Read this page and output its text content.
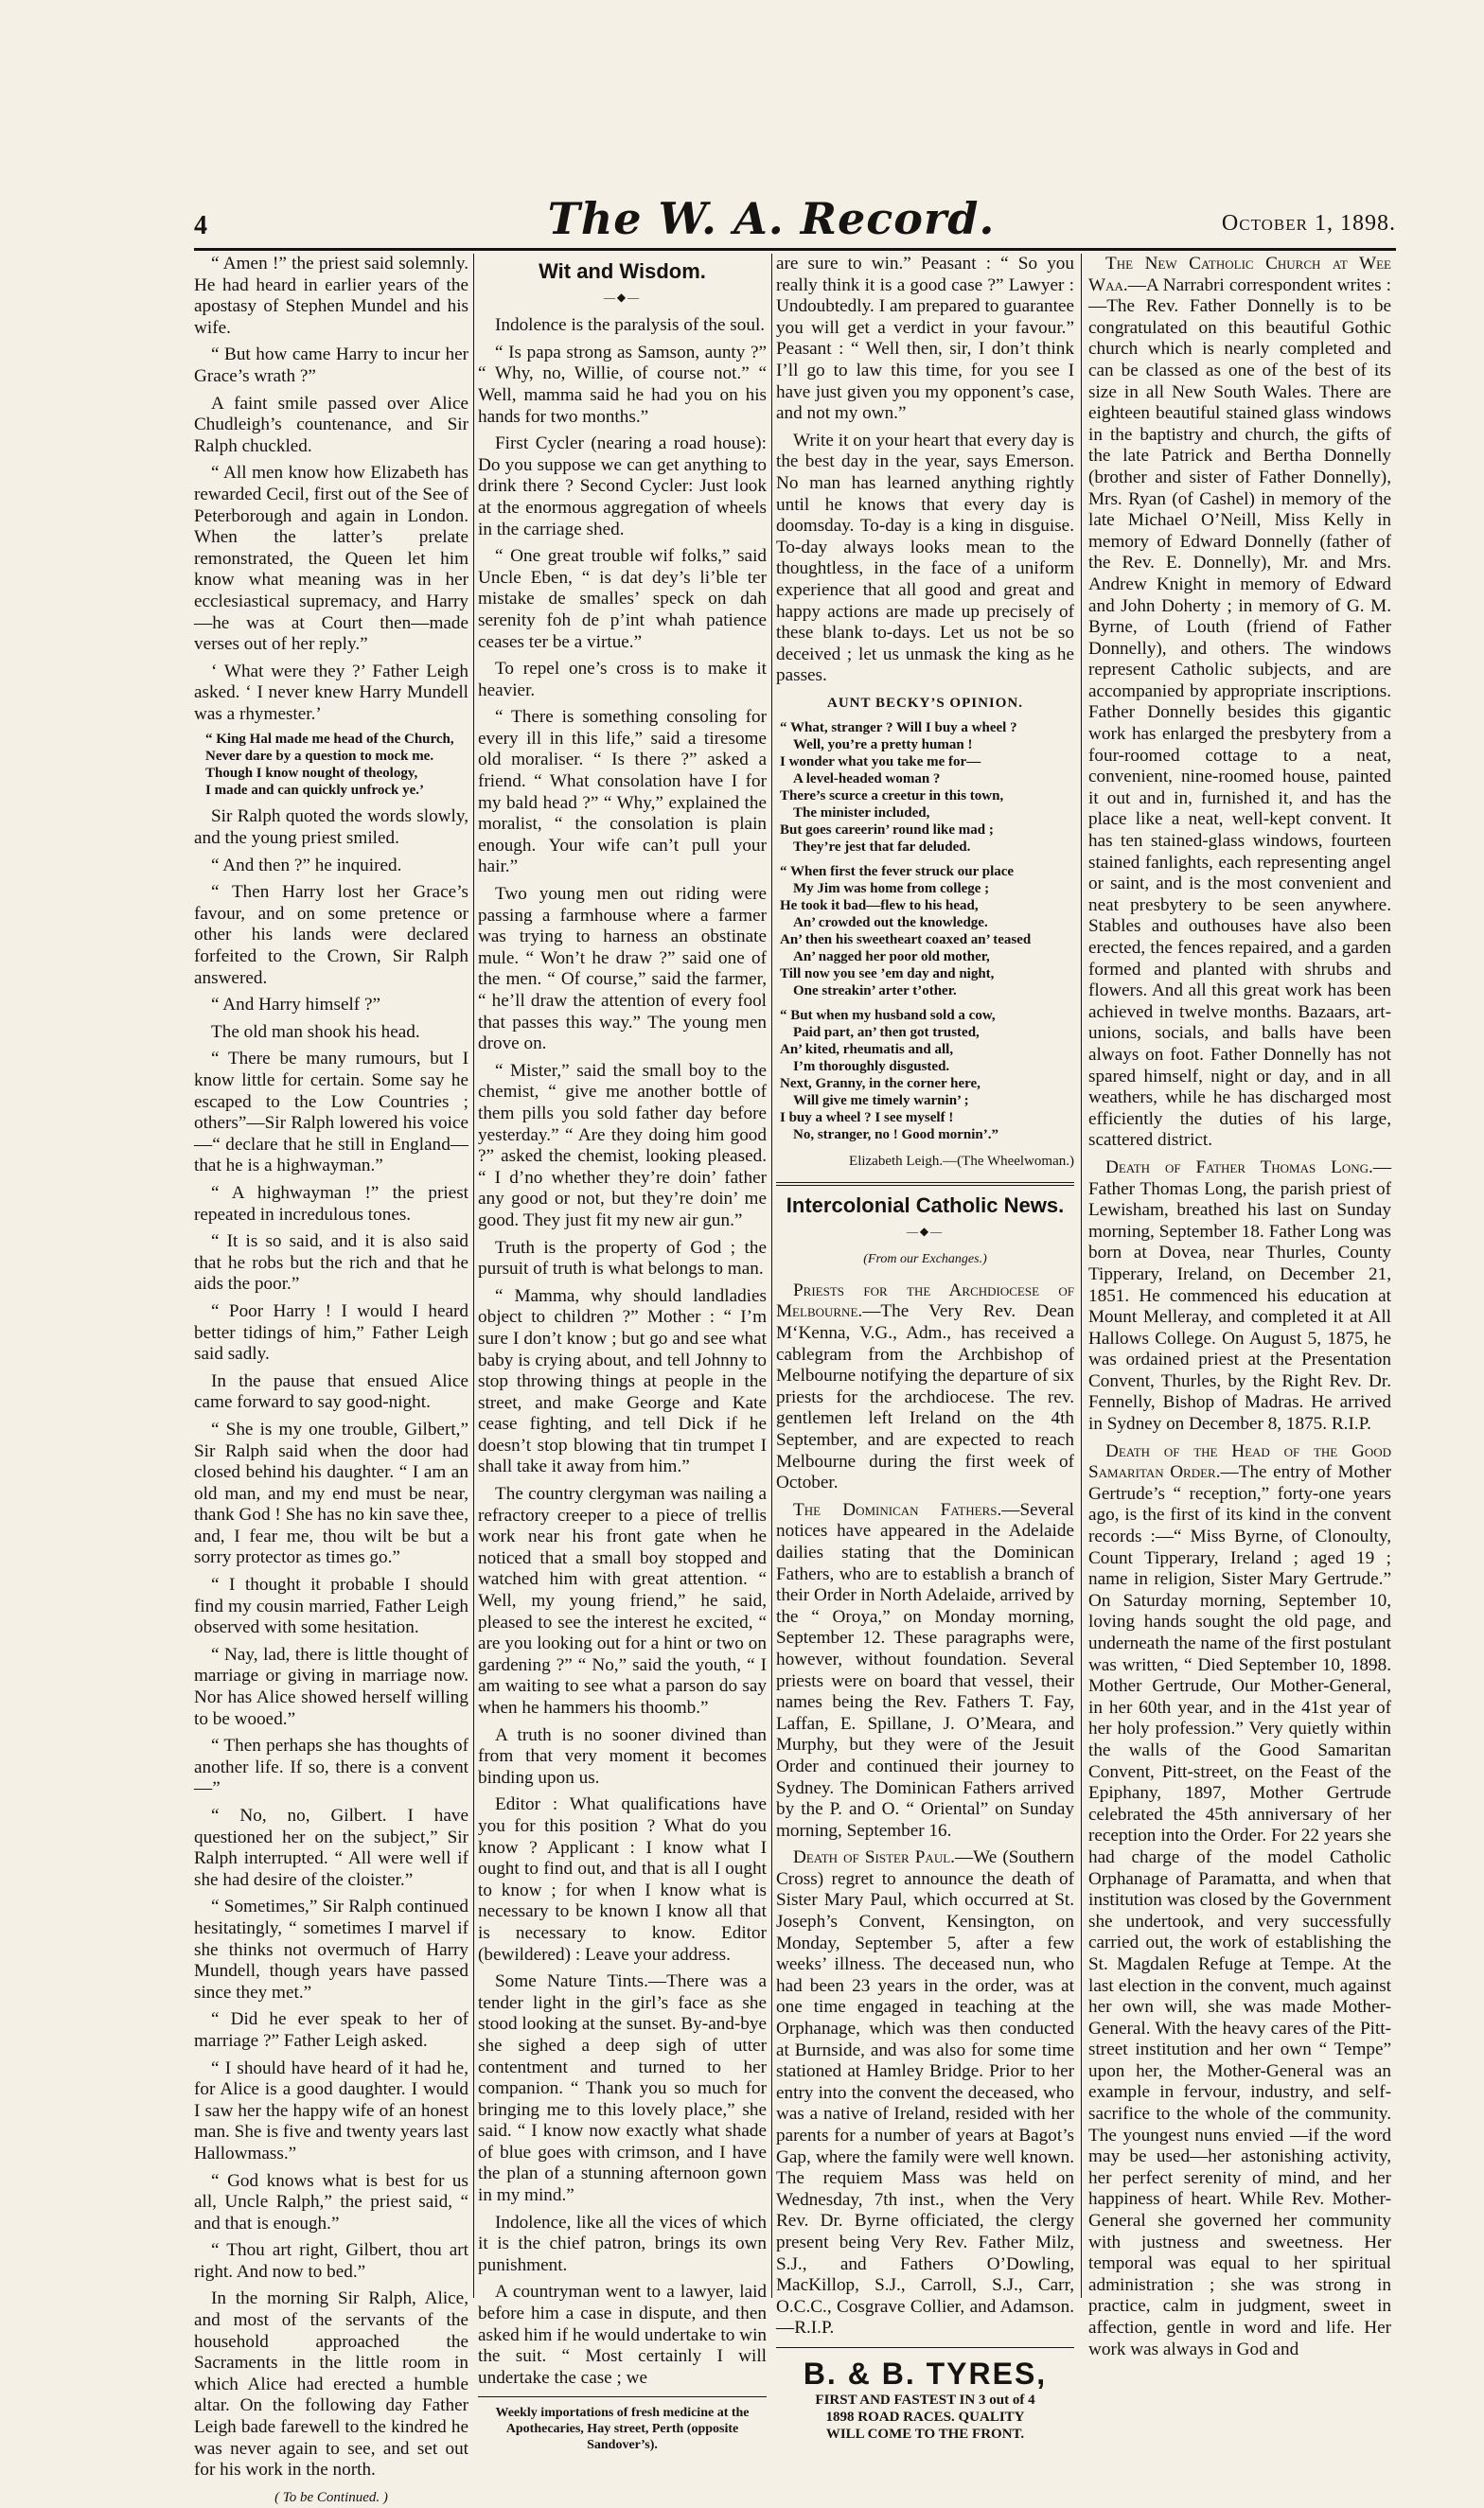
4	The W. A. Record.	October 1, 1898.

“ Amen !” the priest said solemnly. He had heard in earlier years of the apostasy of Stephen Mundel and his wife.

“ But how came Harry to incur her Grace’s wrath ?”

A faint smile passed over Alice Chudleigh’s countenance, and Sir Ralph chuckled.

“ All men know how Elizabeth has rewarded Cecil, first out of the See of Peterborough and again in London. When the latter’s prelate remonstrated, the Queen let him know what meaning was in her ecclesiastical supremacy, and Harry—he was at Court then—made verses out of her reply.”

‘ What were they ?’ Father Leigh asked. ‘ I never knew Harry Mundell was a rhymester.’

“ King Hal made me head of the Church,
Never dare by a question to mock me.
Though I know nought of theology,
I made and can quickly unfrock ye.’

Sir Ralph quoted the words slowly, and the young priest smiled.

“ And then ?” he inquired.

“ Then Harry lost her Grace’s favour, and on some pretence or other his lands were declared forfeited to the Crown, Sir Ralph answered.

“ And Harry himself ?”

The old man shook his head.

“ There be many rumours, but I know little for certain. Some say he escaped to the Low Countries ; others”—Sir Ralph lowered his voice—“ declare that he still in England—that he is a highwayman.”

“ A highwayman !” the priest repeated in incredulous tones.

“ It is so said, and it is also said that he robs but the rich and that he aids the poor.”

“ Poor Harry ! I would I heard better tidings of him,” Father Leigh said sadly.

In the pause that ensued Alice came forward to say good-night.

“ She is my one trouble, Gilbert,” Sir Ralph said when the door had closed behind his daughter. “ I am an old man, and my end must be near, thank God ! She has no kin save thee, and, I fear me, thou wilt be but a sorry protector as times go.”

“ I thought it probable I should find my cousin married, Father Leigh observed with some hesitation.

“ Nay, lad, there is little thought of marriage or giving in marriage now. Nor has Alice showed herself willing to be wooed.”

“ Then perhaps she has thoughts of another life. If so, there is a convent—”

“ No, no, Gilbert. I have questioned her on the subject,” Sir Ralph interrupted. “ All were well if she had desire of the cloister.”

“ Sometimes,” Sir Ralph continued hesitatingly, “ sometimes I marvel if she thinks not overmuch of Harry Mundell, though years have passed since they met.”

“ Did he ever speak to her of marriage ?” Father Leigh asked.

“ I should have heard of it had he, for Alice is a good daughter. I would I saw her the happy wife of an honest man. She is five and twenty years last Hallowmass.”

“ God knows what is best for us all, Uncle Ralph,” the priest said, “ and that is enough.”

“ Thou art right, Gilbert, thou art right. And now to bed.”

In the morning Sir Ralph, Alice, and most of the servants of the household approached the Sacraments in the little room in which Alice had erected a humble altar. On the following day Father Leigh bade farewell to the kindred he was never again to see, and set out for his work in the north.

( To be Continued. )
Wit and Wisdom.
—◆—

Indolence is the paralysis of the soul.

“ Is papa strong as Samson, aunty ?” “ Why, no, Willie, of course not.” “ Well, mamma said he had you on his hands for two months.”

First Cycler (nearing a road house): Do you suppose we can get anything to drink there ? Second Cycler: Just look at the enormous aggregation of wheels in the carriage shed.

“ One great trouble wif folks,” said Uncle Eben, “ is dat dey’s li’ble ter mistake de smalles’ speck on dah serenity foh de p’int whah patience ceases ter be a virtue.”

To repel one’s cross is to make it heavier.

“ There is something consoling for every ill in this life,” said a tiresome old moraliser. “ Is there ?” asked a friend. “ What consolation have I for my bald head ?” “ Why,” explained the moralist, “ the consolation is plain enough. Your wife can’t pull your hair.”

Two young men out riding were passing a farmhouse where a farmer was trying to harness an obstinate mule. “ Won’t he draw ?” said one of the men. “ Of course,” said the farmer, “ he’ll draw the attention of every fool that passes this way.” The young men drove on.

“ Mister,” said the small boy to the chemist, “ give me another bottle of them pills you sold father day before yesterday.” “ Are they doing him good ?” asked the chemist, looking pleased. “ I d’no whether they’re doin’ father any good or not, but they’re doin’ me good. They just fit my new air gun.”

Truth is the property of God ; the pursuit of truth is what belongs to man.

“ Mamma, why should landladies object to children ?” Mother : “ I’m sure I don’t know ; but go and see what baby is crying about, and tell Johnny to stop throwing things at people in the street, and make George and Kate cease fighting, and tell Dick if he doesn’t stop blowing that tin trumpet I shall take it away from him.”

The country clergyman was nailing a refractory creeper to a piece of trellis work near his front gate when he noticed that a small boy stopped and watched him with great attention. “ Well, my young friend,” he said, pleased to see the interest he excited, “ are you looking out for a hint or two on gardening ?” “ No,” said the youth, “ I am waiting to see what a parson do say when he hammers his thoomb.”

A truth is no sooner divined than from that very moment it becomes binding upon us.

Editor : What qualifications have you for this position ? What do you know ? Applicant : I know what I ought to find out, and that is all I ought to know ; for when I know what is necessary to be known I know all that is necessary to know. Editor (bewildered) : Leave your address.

Some Nature Tints.—There was a tender light in the girl’s face as she stood looking at the sunset. By-and-bye she sighed a deep sigh of utter contentment and turned to her companion. “ Thank you so much for bringing me to this lovely place,” she said. “ I know now exactly what shade of blue goes with crimson, and I have the plan of a stunning afternoon gown in my mind.”

Indolence, like all the vices of which it is the chief patron, brings its own punishment.

A countryman went to a lawyer, laid before him a case in dispute, and then asked him if he would undertake to win the suit. “ Most certainly I will undertake the case ; we

Weekly importations of fresh medicine at the Apothecaries, Hay street, Perth (opposite Sandover’s).

are sure to win.” Peasant : “ So you really think it is a good case ?” Lawyer : Undoubtedly. I am prepared to guarantee you will get a verdict in your favour.” Peasant : “ Well then, sir, I don’t think I’ll go to law this time, for you see I have just given you my opponent’s case, and not my own.”

Write it on your heart that every day is the best day in the year, says Emerson. No man has learned anything rightly until he knows that every day is doomsday. To-day is a king in disguise. To-day always looks mean to the thoughtless, in the face of a uniform experience that all good and great and happy actions are made up precisely of these blank to-days. Let us not be so deceived ; let us unmask the king as he passes.

AUNT BECKY’S OPINION.
“ What, stranger ? Will I buy a wheel ?
Well, you’re a pretty human !
I wonder what you take me for—
A level-headed woman ?
There’s scurce a creetur in this town,
The minister included,
But goes careerin’ round like mad ;
They’re jest that far deluded.
“ When first the fever struck our place
My Jim was home from college ;
He took it bad—flew to his head,
An’ crowded out the knowledge.
An’ then his sweetheart coaxed an’ teased
An’ nagged her poor old mother,
Till now you see ’em day and night,
One streakin’ arter t’other.
“ But when my husband sold a cow,
Paid part, an’ then got trusted,
An’ kited, rheumatis and all,
I’m thoroughly disgusted.
Next, Granny, in the corner here,
Will give me timely warnin’ ;
I buy a wheel ? I see myself !
No, stranger, no ! Good mornin’.”
Elizabeth Leigh.—(The Wheelwoman.)
Intercolonial Catholic News.
—◆—
(From our Exchanges.)

Priests for the Archdiocese of Melbourne.—The Very Rev. Dean M‘Kenna, V.G., Adm., has received a cablegram from the Archbishop of Melbourne notifying the departure of six priests for the archdiocese. The rev. gentlemen left Ireland on the 4th September, and are expected to reach Melbourne during the first week of October.

The Dominican Fathers.—Several notices have appeared in the Adelaide dailies stating that the Dominican Fathers, who are to establish a branch of their Order in North Adelaide, arrived by the “ Oroya,” on Monday morning, September 12. These paragraphs were, however, without foundation. Several priests were on board that vessel, their names being the Rev. Fathers T. Fay, Laffan, E. Spillane, J. O’Meara, and Murphy, but they were of the Jesuit Order and continued their journey to Sydney. The Dominican Fathers arrived by the P. and O. “ Oriental” on Sunday morning, September 16.

Death of Sister Paul.—We (Southern Cross) regret to announce the death of Sister Mary Paul, which occurred at St. Joseph’s Convent, Kensington, on Monday, September 5, after a few weeks’ illness. The deceased nun, who had been 23 years in the order, was at one time engaged in teaching at the Orphanage, which was then conducted at Burnside, and was also for some time stationed at Hamley Bridge. Prior to her entry into the convent the deceased, who was a native of Ireland, resided with her parents for a number of years at Bagot’s Gap, where the family were well known. The requiem Mass was held on Wednesday, 7th inst., when the Very Rev. Dr. Byrne officiated, the clergy present being Very Rev. Father Milz, S.J., and Fathers O’Dowling, MacKillop, S.J., Carroll, S.J., Carr, O.C.C., Cosgrave Collier, and Adamson.—R.I.P.

B. & B. TYRES,
FIRST AND FASTEST IN 3 out of 4
1898 ROAD RACES. QUALITY
WILL COME TO THE FRONT.

The New Catholic Church at Wee Waa.—A Narrabri correspondent writes :—The Rev. Father Donnelly is to be congratulated on this beautiful Gothic church which is nearly completed and can be classed as one of the best of its size in all New South Wales. There are eighteen beautiful stained glass windows in the baptistry and church, the gifts of the late Patrick and Bertha Donnelly (brother and sister of Father Donnelly), Mrs. Ryan (of Cashel) in memory of the late Michael O’Neill, Miss Kelly in memory of Edward Donnelly (father of the Rev. E. Donnelly), Mr. and Mrs. Andrew Knight in memory of Edward and John Doherty ; in memory of G. M. Byrne, of Louth (friend of Father Donnelly), and others. The windows represent Catholic subjects, and are accompanied by appropriate inscriptions. Father Donnelly besides this gigantic work has enlarged the presbytery from a four-roomed cottage to a neat, convenient, nine-roomed house, painted it out and in, furnished it, and has the place like a neat, well-kept convent. It has ten stained-glass windows, fourteen stained fanlights, each representing angel or saint, and is the most convenient and neat presbytery to be seen anywhere. Stables and outhouses have also been erected, the fences repaired, and a garden formed and planted with shrubs and flowers. And all this great work has been achieved in twelve months. Bazaars, art-unions, socials, and balls have been always on foot. Father Donnelly has not spared himself, night or day, and in all weathers, while he has discharged most efficiently the duties of his large, scattered district.

Death of Father Thomas Long.—Father Thomas Long, the parish priest of Lewisham, breathed his last on Sunday morning, September 18. Father Long was born at Dovea, near Thurles, County Tipperary, Ireland, on December 21, 1851. He commenced his education at Mount Melleray, and completed it at All Hallows College. On August 5, 1875, he was ordained priest at the Presentation Convent, Thurles, by the Right Rev. Dr. Fennelly, Bishop of Madras. He arrived in Sydney on December 8, 1875. R.I.P.

Death of the Head of the Good Samaritan Order.—The entry of Mother Gertrude’s “ reception,” forty-one years ago, is the first of its kind in the convent records :—“ Miss Byrne, of Clonoulty, Count Tipperary, Ireland ; aged 19 ; name in religion, Sister Mary Gertrude.” On Saturday morning, September 10, loving hands sought the old page, and underneath the name of the first postulant was written, “ Died September 10, 1898. Mother Gertrude, Our Mother-General, in her 60th year, and in the 41st year of her holy profession.” Very quietly within the walls of the Good Samaritan Convent, Pitt-street, on the Feast of the Epiphany, 1897, Mother Gertrude celebrated the 45th anniversary of her reception into the Order. For 22 years she had charge of the model Catholic Orphanage of Paramatta, and when that institution was closed by the Government she undertook, and very successfully carried out, the work of establishing the St. Magdalen Refuge at Tempe. At the last election in the convent, much against her own will, she was made Mother-General. With the heavy cares of the Pitt-street institution and her own “ Tempe” upon her, the Mother-General was an example in fervour, industry, and self-sacrifice to the whole of the community. The youngest nuns envied —if the word may be used—her astonishing activity, her perfect serenity of mind, and her happiness of heart. While Rev. Mother-General she governed her community with justness and sweetness. Her temporal was equal to her spiritual administration ; she was strong in practice, calm in judgment, sweet in affection, gentle in word and life. Her work was always in God and
